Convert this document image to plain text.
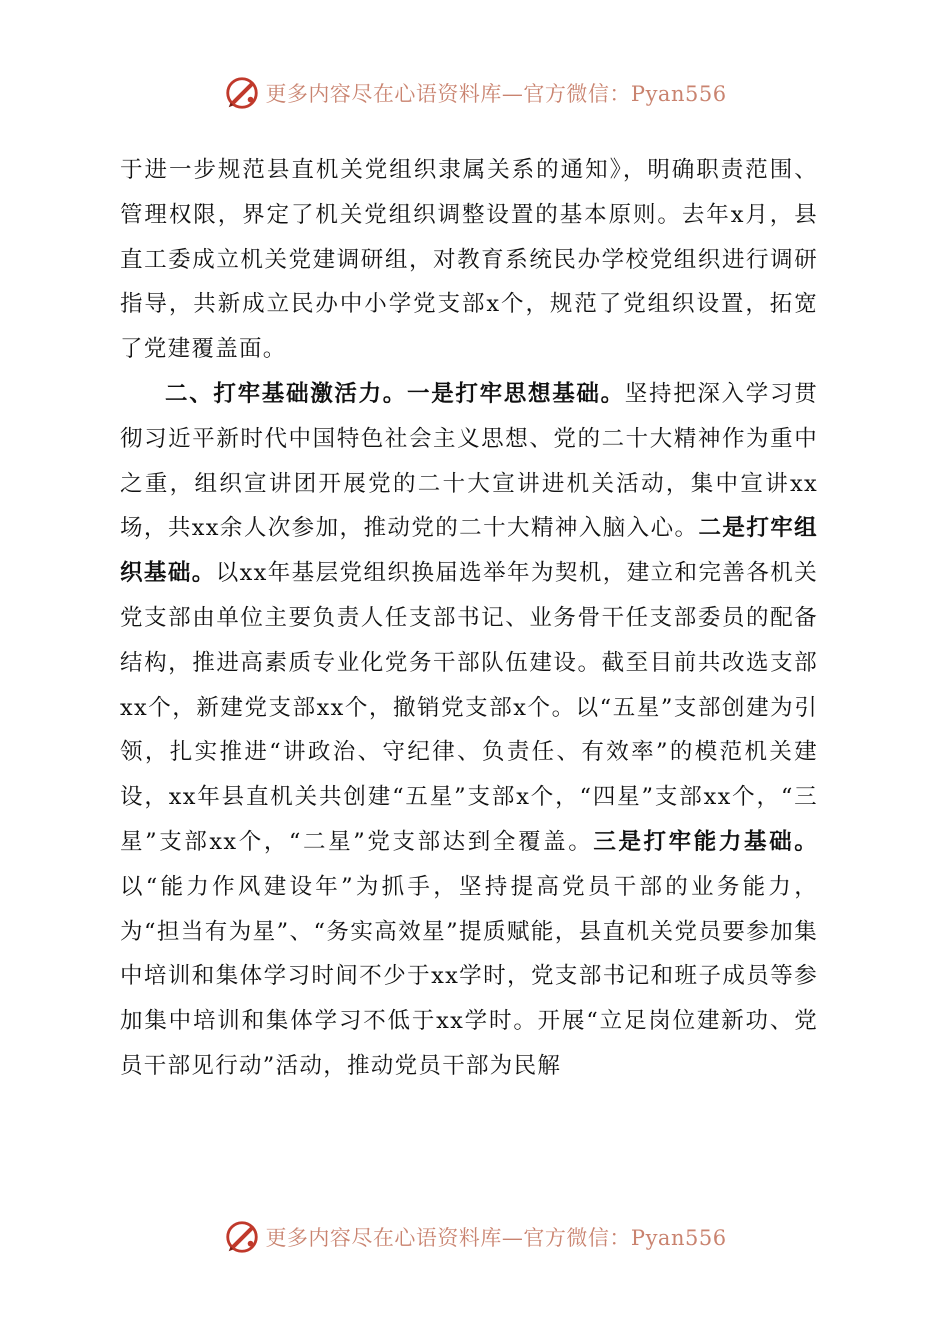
更多内容尽在心语资料库—官方微信：Pyan556

于进一步规范县直机关党组织隶属关系的通知》，明确职责范围、管理权限，界定了机关党组织调整设置的基本原则。去年x月，县直工委成立机关党建调研组，对教育系统民办学校党组织进行调研指导，共新成立民办中小学党支部x个，规范了党组织设置，拓宽了党建覆盖面。

二、打牢基础激活力。一是打牢思想基础。坚持把深入学习贯彻习近平新时代中国特色社会主义思想、党的二十大精神作为重中之重，组织宣讲团开展党的二十大宣讲进机关活动，集中宣讲xx场，共xx余人次参加，推动党的二十大精神入脑入心。二是打牢组织基础。以xx年基层党组织换届选举年为契机，建立和完善各机关党支部由单位主要负责人任支部书记、业务骨干任支部委员的配备结构，推进高素质专业化党务干部队伍建设。截至目前共改选支部xx个，新建党支部xx个，撤销党支部x个。以“五星”支部创建为引领，扎实推进“讲政治、守纪律、负责任、有效率”的模范机关建设，xx年县直机关共创建“五星”支部x个，“四星”支部xx个，“三星”支部xx个，“二星”党支部达到全覆盖。三是打牢能力基础。以“能力作风建设年”为抓手，坚持提高党员干部的业务能力，为“担当有为星”、“务实高效星”提质赋能，县直机关党员要参加集中培训和集体学习时间不少于xx学时，党支部书记和班子成员等参加集中培训和集体学习不低于xx学时。开展“立足岗位建新功、党员干部见行动”活动，推动党员干部为民解

更多内容尽在心语资料库—官方微信：Pyan556
